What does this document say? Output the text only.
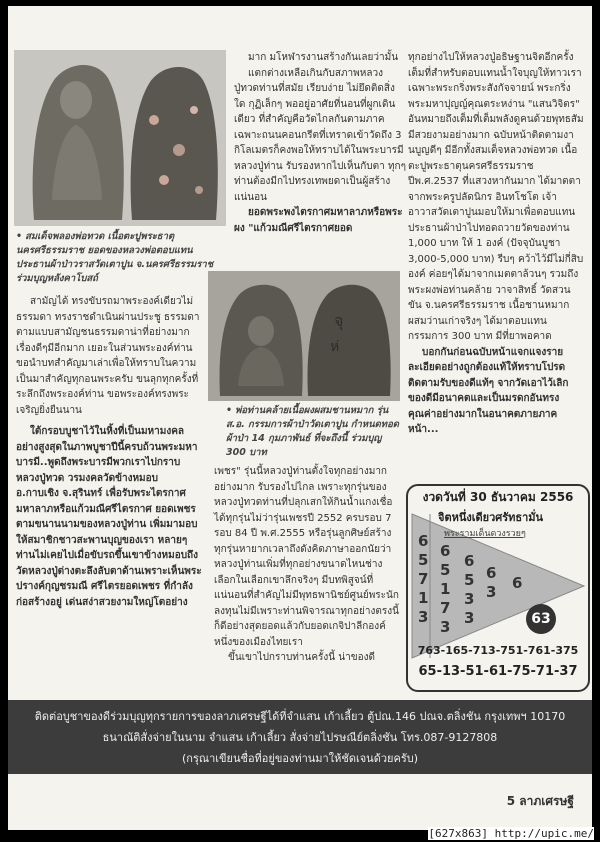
• สมเด็จพลองพ่อทวด เนื้อตะปูพระธาตุ นครศรีธรรมราช ยอดของหลวงพ่อตอบแทน ประธานผ้าป่าวราสวัดเตาปูน จ.นครศรีธรรมราช ร่วมบุญหลังคาโบสถ์

สามัญได้ ทรงขับรถมาพระองค์เดียวไม่ธรรมดา ทรงราชดำเนินผ่านประชู ธรรมดาตามแบบสามัญชนธรรมดาน่าที่อย่างมาก เรื่องดีๆมีอีกมาก เยอะในส่วนพระองค์ท่าน ขอนำบทสำคัญมาเล่าเพื่อให้ทราบในความเป็นมาสำคัญทุกอนพระครับ ขนลุกทุกครั้งที่ระลึกถึงพระองค์ท่าน ขอพระองค์ทรงพระเจริญยิ่งยืนนาน

ใต้กรอบบูชาไว้ในหิ้งที่เป็นมหามงคลอย่างสูงสุดในภาพบูชาปีนี้ครบถ้วนพระมหาบารมี..พูดถึงพระบารมีพวกเราไปกราบหลวงปู่ทวด วรมงคลวัดข้างหมอบ อ.กาบเชิง จ.สุรินทร์ เพื่อรับพระไตรกาศมหาลาภหรือแก้วมณีศรีไตรกาศ ยอดเพชรตามขนานนามของหลวงปู่ท่าน เพิ่มมามอบให้สมาชิกชาวสะพานบุญของเรา หลายๆท่านไม่เคยไปเมื่อขับรถขึ้นเขาข้างหมอบถึงวัดหลวงปู่ต่างตะลึงลับตาด้านเพราะเห็นพระปรางค์กุญชรมณี ศรีไตรยอดเพชร ที่กำลังก่อสร้างอยู่ เด่นสง่าสวยงามใหญ่โตอย่าง

มาก มโหฬารงานสร้างกันเลยว่ามั้น

แตกต่างเหลือเกินกับสภาพหลวงปู่ทวดท่านที่สมัย เรียบง่าย ไม่ยึดติดสิ่งใด กุฏิเล็กๆ พออยู่อาศัยที่นอนที่ผูกเดินเดียว ที่สำคัญคือวัดไกลกันตามภาค เฉพาะถนนคอนกรีตที่เทราดเข้าวัดถึง 3 กิโลเมตรก็คงพอให้ทราบได้ในพระบารมีหลวงปู่ท่าน รับรองหากไปเห็นกับตา ทุกๆท่านต้องมีกไปทรงเทพยดาเป็นผู้สร้างแน่นอน

ยอดพระพงไตรกาศมหาลาภหรือพระผง "แก้วมณีศรีไตรกาศยอด

จุ
ห่
• พ่อท่านคล้ายเนื้อผงผสมชานหมาก รุ่น ส.อ. กรรมการผ้าป่าวัดเตาปูน กำหนดทอดผ้าป่า 14 กุมภาพันธ์ ที่จะถึงนี้ ร่วมบุญ 300 บาท

เพชร" รุ่นนี้หลวงปู่ท่านตั้งใจทุกอย่างมากอย่างมาก รับรองไปไกล เพราะทุกรุ่นของหลวงปู่ทวดท่านที่ปลุกเสกให้กินน้ำแกงเชื่อได้ทุกรุ่นไม่ว่ารุ่นเพชรปี 2552 ครบรอบ 7 รอบ 84 ปี พ.ศ.2555 หรือรุ่นลูกศิษย์สร้างทุกรุ่นหายากเวลาถึงดังคิดภาษาออกนัยว่า หลวงปู่ท่านเพิ่มที่ทุกอย่างขนาดไหนช่างเลือกในเลือกเขาลึกจริงๆ มีบทพิสูจน์ที่แน่นอนที่สำคัญไม่มีพุทธพานิชย์ศูนย์พระนักลงทุนไม่มีเพราะท่านพิจารณาทุกอย่างตรงนี้ก็ดีอย่างสุดยอดแล้วกับยอดเกจิปาลีกองค์หนึ่งของเมืองไทยเรา

ขึ้นเขาไปกราบท่านครั้งนี้ น่าของดี

ทุกอย่างไปให้หลวงปู่อธิษฐานจิตอีกครั้งเต็มที่สำหรับตอบแทนน้ำใจบุญให้ทาวเรา เฉพาะพระกริ่งพระสังกัจจายน์ พระกริ่งพระมหาปุญญ์คุณตระหง่าน "แสนวิจิตร" อันหมายถึงเต็มที่เต็มพลังดูคนด้วยพุทธสัมมีสวยงามอย่างมาก ฉบับหน้าติดตามงานบูญดีๆ มีอีกทั้งสมเด็จหลวงพ่อทวด เนื้อตะปูพระธาตุนครศรีธรรมราช ปีพ.ศ.2537 ที่แสวงหากันมาก ได้มาตตาจากพระครูปลัดนิกร อินทโชโต เจ้าอาวาสวัดเตาปูนมอบให้มาเพื่อตอบแทนประธานผ้าป่าไปทอดถวายวัดของท่าน 1,000 บาท ให้ 1 องค์ (ปัจจุบันบูชา 3,000-5,000 บาท) รีบๆ คว้าไว้มีไม่กี่สิบองค์ ค่อยๆได้มาจากเมตตาล้วนๆ รวมถึงพระผงพ่อท่านคล้าย วาจาสิทธิ์ วัดสวนขัน จ.นครศรีธรรมราช เนื้อชานหมาก ผสมว่านเก่าจริงๆ ได้มาตอบแทนกรรมการ 300 บาท มีที่ยาพอคาด

บอกกันก่อนฉบับหน้าแจกแจงรายละเอียดอย่างถูกต้องแท้ให้ทราบโปรดติดตามรับของดีแท้ๆ จากวัดเอาไว้เลิกของดีมีอนาคตและเป็นมรดกอันทรงคุณค่าอย่างมากในอนาคตภายภาคหน้า...

งวดวันที่ 30 ธันวาคม 2556
จิตหนึ่งเดียวศรัทธามั่น
พระรามเด็นดวงรวยๆ
6
5
7
1
3
6
5
1
7
3
6
5
3
3
6
3 6
63
763-165-713-751-761-375
65-13-51-61-75-71-37
ติดต่อบูชาของดีร่วมบุญทุกรายการของลาภเศรษฐีได้ที่จำแสน เก้าเลี้ยว ตู้ปณ.146 ปณจ.ตลิ่งชัน กรุงเทพฯ 10170
ธนาณัติสั่งจ่ายในนาม จำแสน เก้าเลี้ยว สั่งจ่ายไปรษณีย์ตลิ่งชัน โทร.087-9127808
(กรุณาเขียนชื่อที่อยู่ของท่านมาให้ชัดเจนด้วยครับ)
5 ลาภเศรษฐี
[627x863] http://upic.me/
